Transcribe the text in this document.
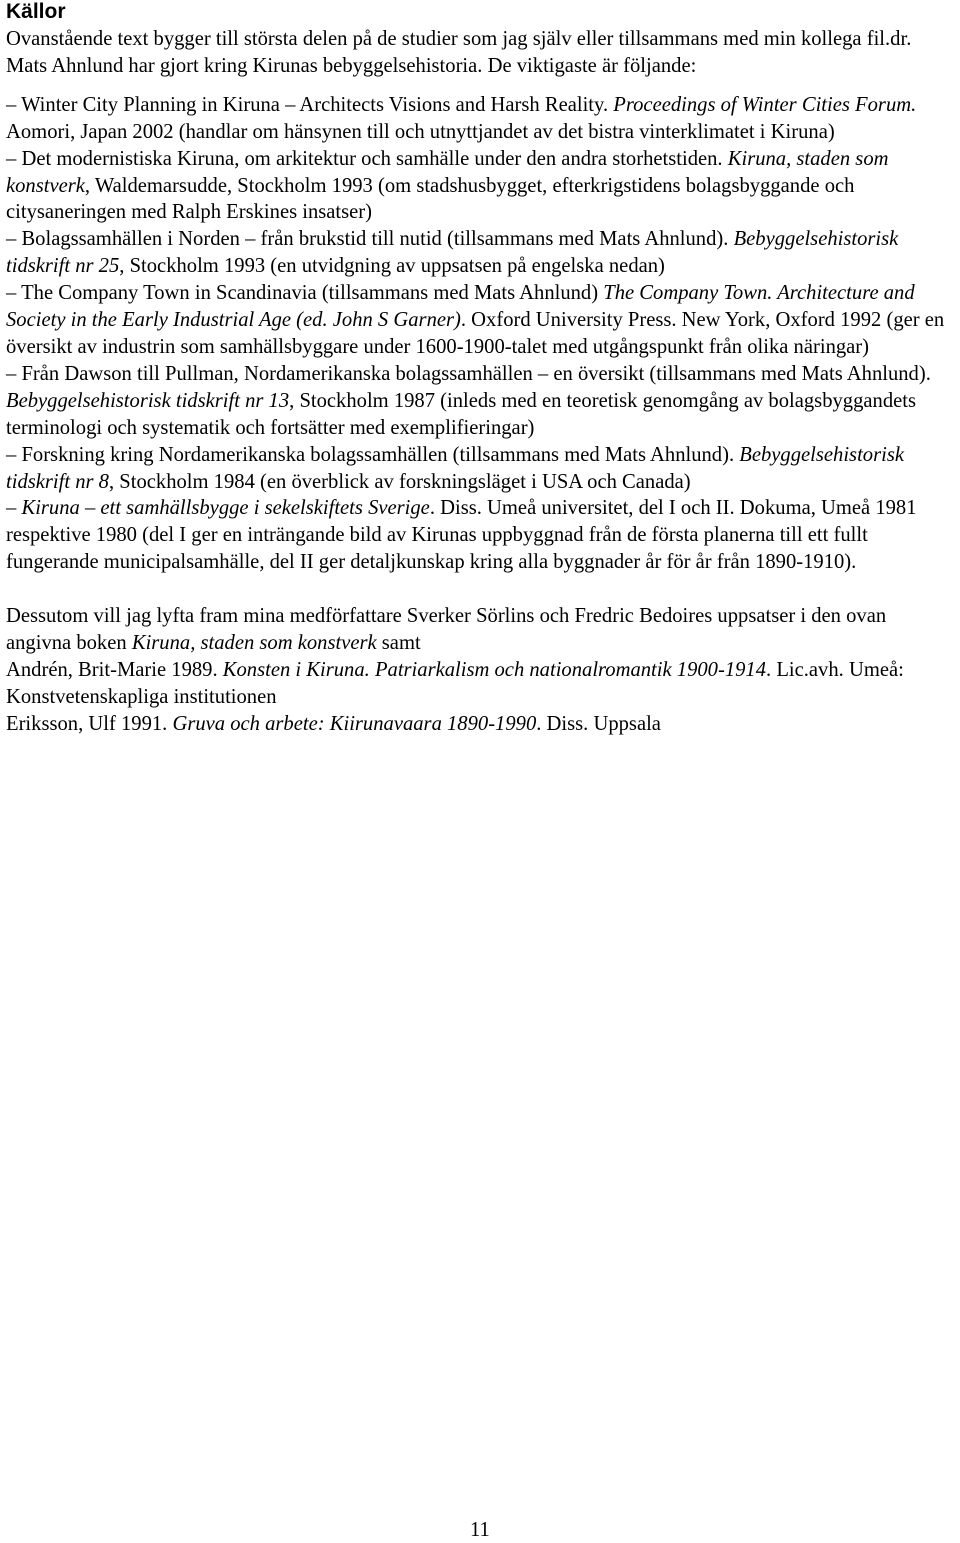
Källor

Ovanstående text bygger till största delen på de studier som jag själv eller tillsammans med min kollega fil.dr. Mats Ahnlund har gjort kring Kirunas bebyggelsehistoria. De viktigaste är följande:

– Winter City Planning in Kiruna – Architects Visions and Harsh Reality. Proceedings of Winter Cities Forum. Aomori, Japan 2002 (handlar om hänsynen till och utnyttjandet av det bistra vinterklimatet i Kiruna)

– Det modernistiska Kiruna, om arkitektur och samhälle under den andra storhetstiden. Kiruna, staden som konstverk, Waldemarsudde, Stockholm 1993 (om stadshusbygget, efterkrigstidens bolagsbyggande och citysaneringen med Ralph Erskines insatser)

– Bolagssamhällen i Norden – från brukstid till nutid (tillsammans med Mats Ahnlund). Bebyggelsehistorisk tidskrift nr 25, Stockholm 1993 (en utvidgning av uppsatsen på engelska nedan)

– The Company Town in Scandinavia (tillsammans med Mats Ahnlund) The Company Town. Architecture and Society in the Early Industrial Age (ed. John S Garner). Oxford University Press. New York, Oxford 1992 (ger en översikt av industrin som samhällsbyggare under 1600-1900-talet med utgångspunkt från olika näringar)

– Från Dawson till Pullman, Nordamerikanska bolagssamhällen – en översikt (tillsammans med Mats Ahnlund). Bebyggelsehistorisk tidskrift nr 13, Stockholm 1987 (inleds med en teoretisk genomgång av bolagsbyggandets terminologi och systematik och fortsätter med exemplifieringar)

– Forskning kring Nordamerikanska bolagssamhällen (tillsammans med Mats Ahnlund). Bebyggelsehistorisk tidskrift nr 8, Stockholm 1984 (en överblick av forskningsläget i USA och Canada)

– Kiruna – ett samhällsbygge i sekelskiftets Sverige. Diss. Umeå universitet, del I och II. Dokuma, Umeå 1981 respektive 1980 (del I ger en inträngande bild av Kirunas uppbyggnad från de första planerna till ett fullt fungerande municipalsamhälle, del II ger detaljkunskap kring alla byggnader år för år från 1890-1910).

Dessutom vill jag lyfta fram mina medförfattare Sverker Sörlins och Fredric Bedoires uppsatser i den ovan angivna boken Kiruna, staden som konstverk samt

Andrén, Brit-Marie 1989. Konsten i Kiruna. Patriarkalism och nationalromantik 1900-1914. Lic.avh. Umeå: Konstvetenskapliga institutionen

Eriksson, Ulf 1991. Gruva och arbete: Kiirunavaara 1890-1990. Diss. Uppsala

11
